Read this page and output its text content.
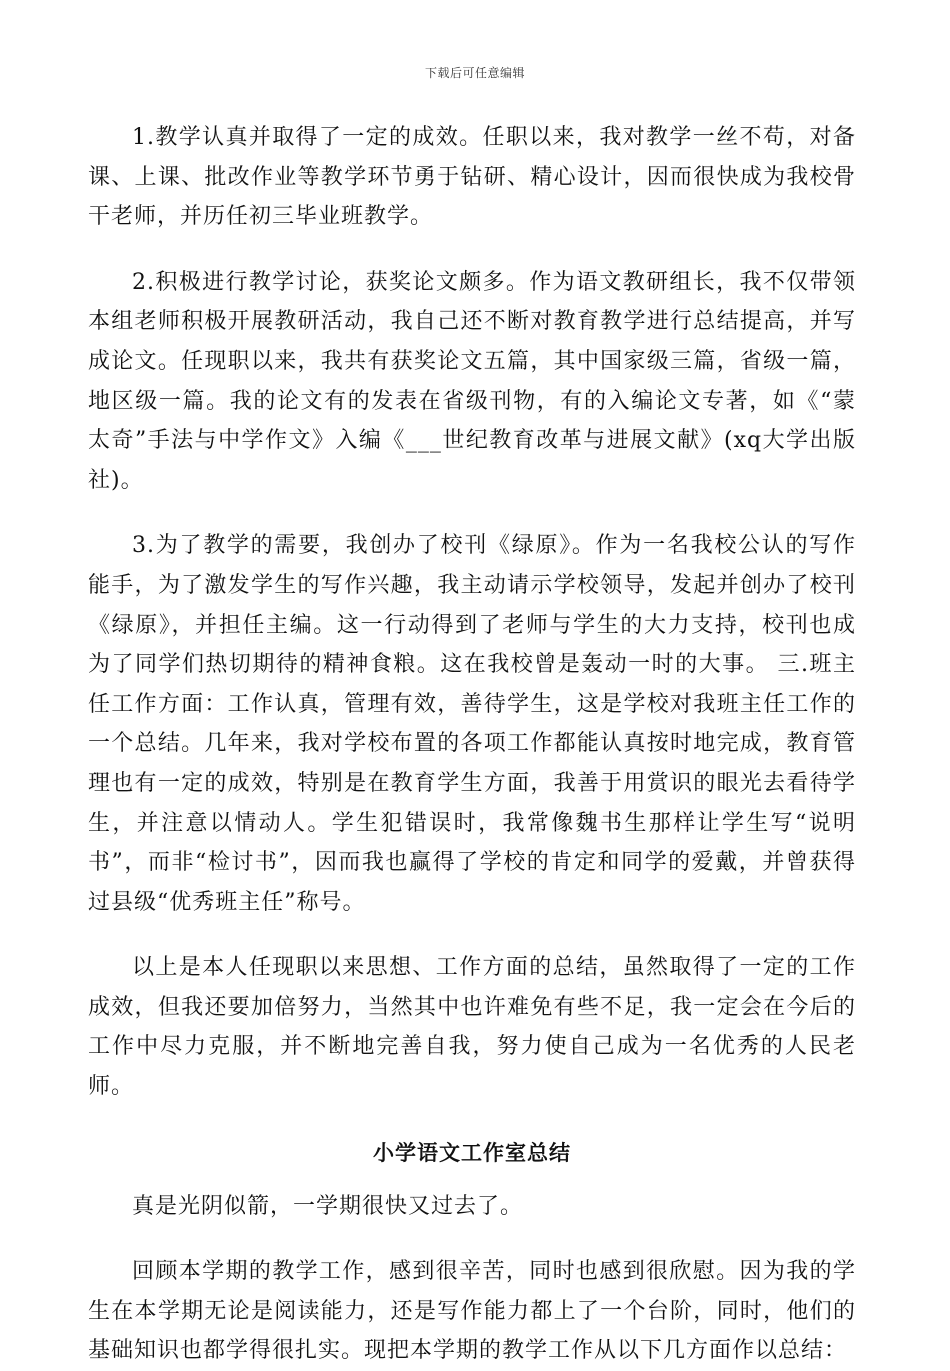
下载后可任意编辑

1.教学认真并取得了一定的成效。任职以来，我对教学一丝不苟，对备课、上课、批改作业等教学环节勇于钻研、精心设计，因而很快成为我校骨干老师，并历任初三毕业班教学。

2.积极进行教学讨论，获奖论文颇多。作为语文教研组长，我不仅带领本组老师积极开展教研活动，我自己还不断对教育教学进行总结提高，并写成论文。任现职以来，我共有获奖论文五篇，其中国家级三篇，省级一篇，地区级一篇。我的论文有的发表在省级刊物，有的入编论文专著，如《“蒙太奇”手法与中学作文》入编《___世纪教育改革与进展文献》(xq大学出版社)。

3.为了教学的需要，我创办了校刊《绿原》。作为一名我校公认的写作能手，为了激发学生的写作兴趣，我主动请示学校领导，发起并创办了校刊《绿原》，并担任主编。这一行动得到了老师与学生的大力支持，校刊也成为了同学们热切期待的精神食粮。这在我校曾是轰动一时的大事。 三.班主任工作方面：工作认真，管理有效，善待学生，这是学校对我班主任工作的一个总结。几年来，我对学校布置的各项工作都能认真按时地完成，教育管理也有一定的成效，特别是在教育学生方面，我善于用赏识的眼光去看待学生，并注意以情动人。学生犯错误时，我常像魏书生那样让学生写“说明书”，而非“检讨书”，因而我也赢得了学校的肯定和同学的爱戴，并曾获得过县级“优秀班主任”称号。

以上是本人任现职以来思想、工作方面的总结，虽然取得了一定的工作成效，但我还要加倍努力，当然其中也许难免有些不足，我一定会在今后的工作中尽力克服，并不断地完善自我，努力使自己成为一名优秀的人民老师。

小学语文工作室总结

真是光阴似箭，一学期很快又过去了。

回顾本学期的教学工作，感到很辛苦，同时也感到很欣慰。因为我的学生在本学期无论是阅读能力，还是写作能力都上了一个台阶，同时，他们的基础知识也都学得很扎实。现把本学期的教学工作从以下几方面作以总结：
